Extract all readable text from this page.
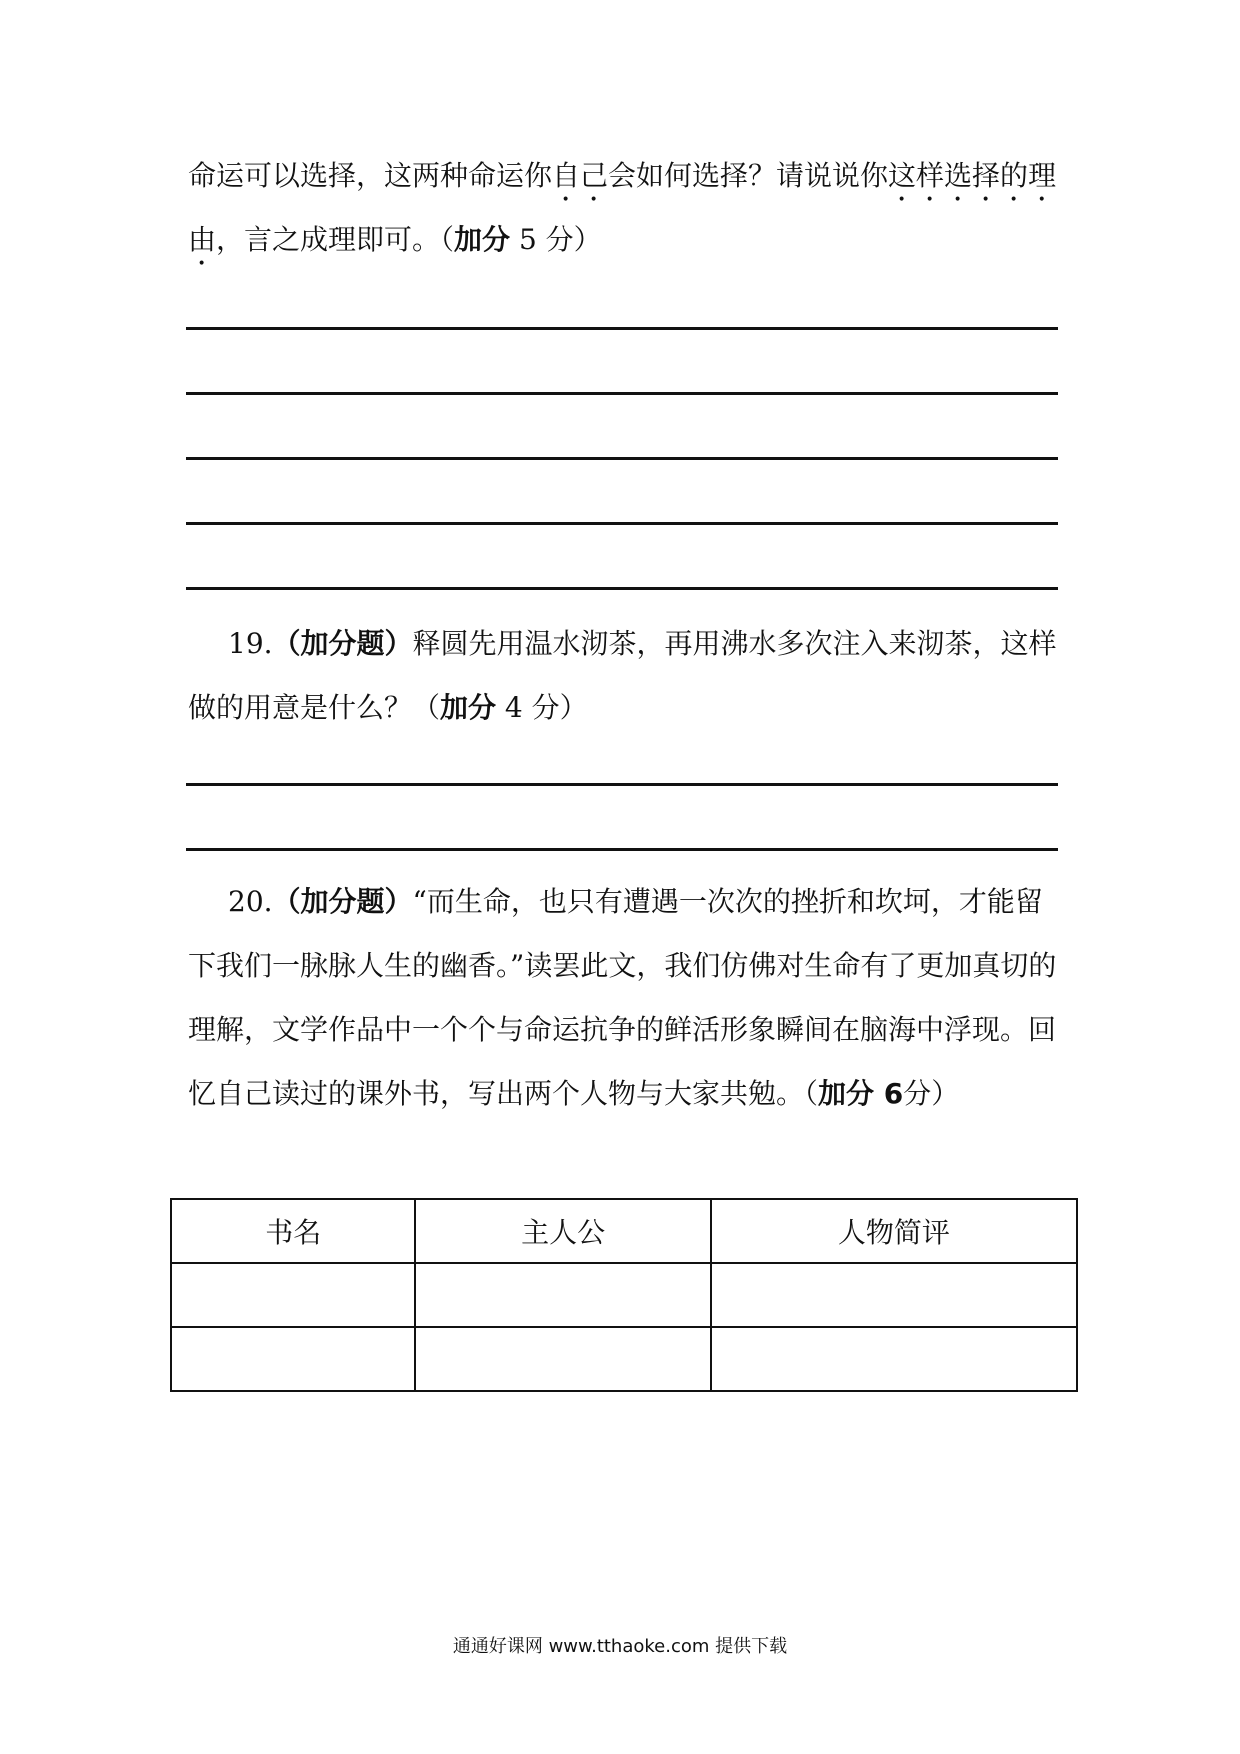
命运可以选择，这两种命运你自己会如何选择？请说说你这样选择的理由，言之成理即可。（加分 5 分）

19.（加分题）释圆先用温水沏茶，再用沸水多次注入来沏茶，这样做的用意是什么？（加分 4 分）

20.（加分题）“而生命，也只有遭遇一次次的挫折和坎坷，才能留下我们一脉脉人生的幽香。”读罢此文，我们仿佛对生命有了更加真切的理解，文学作品中一个个与命运抗争的鲜活形象瞬间在脑海中浮现。回忆自己读过的课外书，写出两个人物与大家共勉。（加分 6分）

书名	主人公	人物简评

通通好课网 www.tthaoke.com 提供下载
